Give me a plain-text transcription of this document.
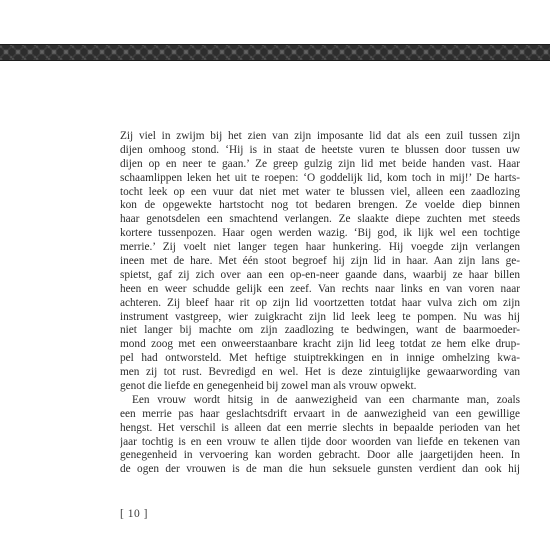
Zij viel in zwijm bij het zien van zijn imposante lid dat als een zuil tussen zijn
dijen omhoog stond. ‘Hij is in staat de heetste vuren te blussen door tussen uw
dijen op en neer te gaan.’ Ze greep gulzig zijn lid met beide handen vast. Haar
schaamlippen leken het uit te roepen: ‘O goddelijk lid, kom toch in mij!’ De harts-
tocht leek op een vuur dat niet met water te blussen viel, alleen een zaadlozing
kon de opgewekte hartstocht nog tot bedaren brengen. Ze voelde diep binnen
haar genotsdelen een smachtend verlangen. Ze slaakte diepe zuchten met steeds
kortere tussenpozen. Haar ogen werden wazig. ‘Bij god, ik lijk wel een tochtige
merrie.’ Zij voelt niet langer tegen haar hunkering. Hij voegde zijn verlangen
ineen met de hare. Met één stoot begroef hij zijn lid in haar. Aan zijn lans ge-
spietst, gaf zij zich over aan een op-en-neer gaande dans, waarbij ze haar billen
heen en weer schudde gelijk een zeef. Van rechts naar links en van voren naar
achteren. Zij bleef haar rit op zijn lid voortzetten totdat haar vulva zich om zijn
instrument vastgreep, wier zuigkracht zijn lid leek leeg te pompen. Nu was hij
niet langer bij machte om zijn zaadlozing te bedwingen, want de baarmoeder-
mond zoog met een onweerstaanbare kracht zijn lid leeg totdat ze hem elke drup-
pel had ontworsteld. Met heftige stuiptrekkingen en in innige omhelzing kwa-
men zij tot rust. Bevredigd en wel. Het is deze zintuiglijke gewaarwording van
genot die liefde en genegenheid bij zowel man als vrouw opwekt.
Een vrouw wordt hitsig in de aanwezigheid van een charmante man, zoals
een merrie pas haar geslachtsdrift ervaart in de aanwezigheid van een gewillige
hengst. Het verschil is alleen dat een merrie slechts in bepaalde perioden van het
jaar tochtig is en een vrouw te allen tijde door woorden van liefde en tekenen van
genegenheid in vervoering kan worden gebracht. Door alle jaargetijden heen. In
de ogen der vrouwen is de man die hun seksuele gunsten verdient dan ook hij
[ 10 ]
